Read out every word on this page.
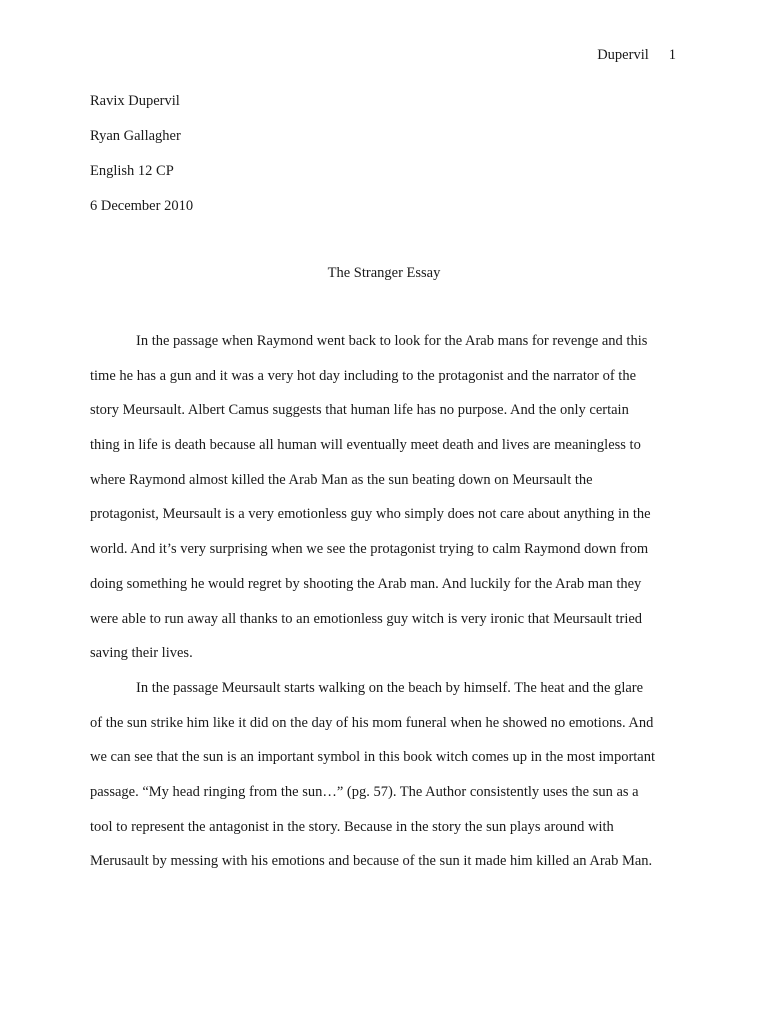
Dupervil 1
Ravix Dupervil
Ryan Gallagher
English 12 CP
6 December 2010
The Stranger Essay
In the passage when Raymond went back to look for the Arab mans for revenge and this
time he has a gun and it was a very hot day including to the protagonist and the narrator of the
story Meursault. Albert Camus suggests that human life has no purpose. And the only certain
thing in life is death because all human will eventually meet death and lives are meaningless to
where Raymond almost killed the Arab Man as the sun beating down on Meursault the
protagonist, Meursault is a very emotionless guy who simply does not care about anything in the
world. And it’s very surprising when we see the protagonist trying to calm Raymond down from
doing something he would regret by shooting the Arab man. And luckily for the Arab man they
were able to run away all thanks to an emotionless guy witch is very ironic that Meursault tried
saving their lives.
In the passage Meursault starts walking on the beach by himself. The heat and the glare
of the sun strike him like it did on the day of his mom funeral when he showed no emotions. And
we can see that the sun is an important symbol in this book witch comes up in the most important
passage. “My head ringing from the sun…” (pg. 57). The Author consistently uses the sun as a
tool to represent the antagonist in the story. Because in the story the sun plays around with
Merusault by messing with his emotions and because of the sun it made him killed an Arab Man.
